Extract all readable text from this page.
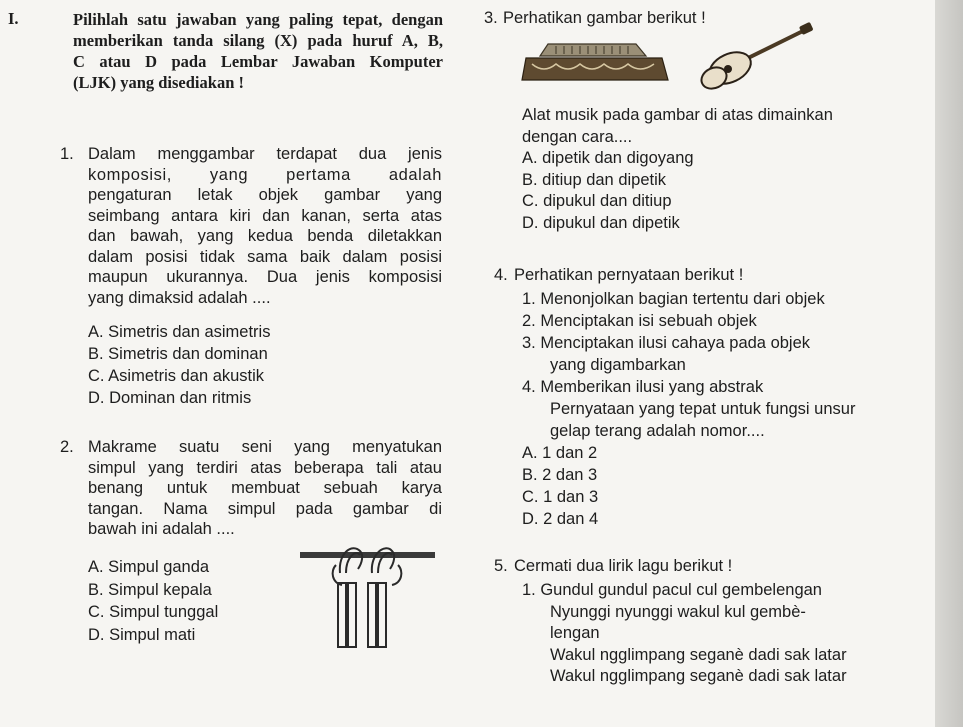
I.	Pilihlah satu jawaban yang paling tepat, dengan
memberikan tanda silang (X) pada huruf A, B,
C atau D pada Lembar Jawaban Komputer
(LJK) yang disediakan !
1. Dalam menggambar terdapat dua jenis
komposisi, yang pertama adalah
pengaturan letak objek gambar yang
seimbang antara kiri dan kanan, serta atas
dan bawah, yang kedua benda diletakkan
dalam posisi tidak sama baik dalam posisi
maupun ukurannya. Dua jenis komposisi
yang dimaksid adalah ....
A. Simetris dan asimetris
B. Simetris dan dominan
C. Asimetris dan akustik
D. Dominan dan ritmis
2. Makrame suatu seni yang menyatukan
simpul yang terdiri atas beberapa tali atau
benang untuk membuat sebuah karya
tangan. Nama simpul pada gambar di
bawah ini adalah ....
A. Simpul ganda
B. Simpul kepala
C. Simpul tunggal
D. Simpul mati
3. Perhatikan gambar berikut !
Alat musik pada gambar di atas dimainkan
dengan cara....
A. dipetik dan digoyang
B. ditiup dan dipetik
C. dipukul dan ditiup
D. dipukul dan dipetik
4. Perhatikan pernyataan berikut !
1. Menonjolkan bagian tertentu dari objek
2. Menciptakan isi sebuah objek
3. Menciptakan ilusi cahaya pada objek
yang digambarkan
4. Memberikan ilusi yang abstrak
Pernyataan yang tepat untuk fungsi unsur
gelap terang adalah nomor....
A. 1 dan 2
B. 2 dan 3
C. 1 dan 3
D. 2 dan 4
5. Cermati dua lirik lagu berikut !
1. Gundul gundul pacul cul gembelengan
Nyunggi nyunggi wakul kul gembè-
lengan
Wakul ngglimpang seganè dadi sak latar
Wakul ngglimpang seganè dadi sak latar
